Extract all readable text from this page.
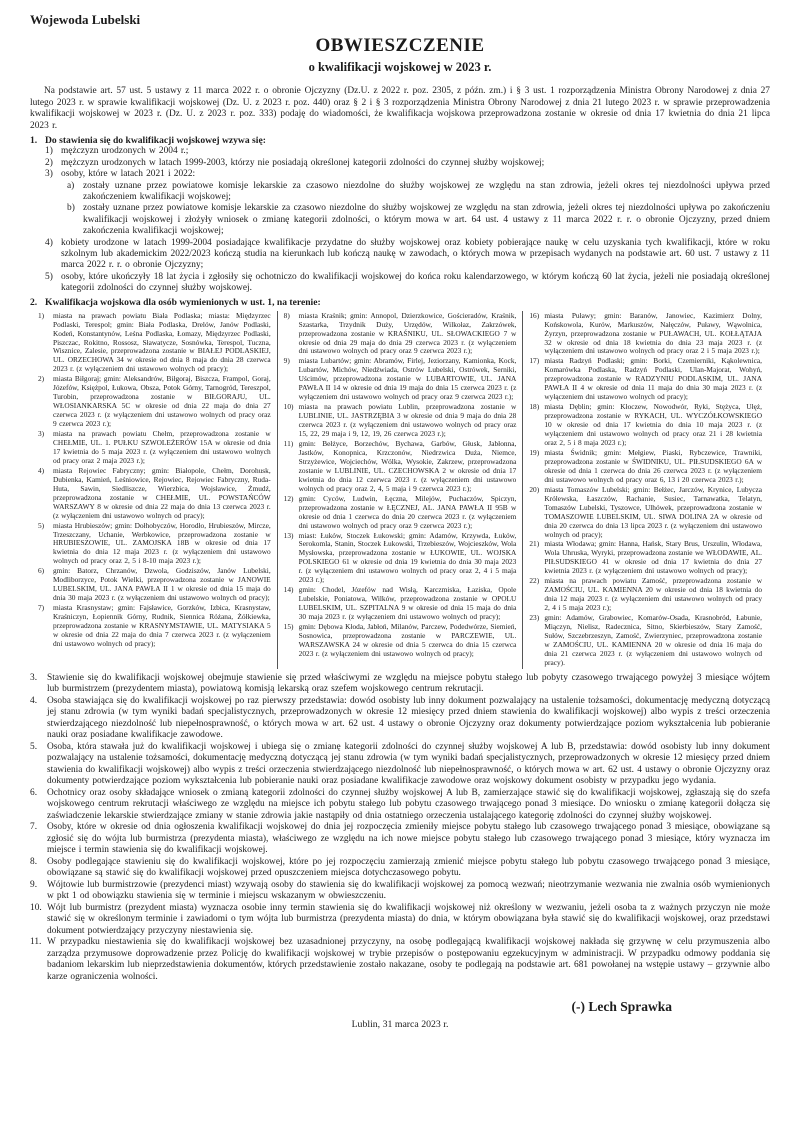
Wojewoda Lubelski
OBWIESZCZENIE
o kwalifikacji wojskowej w 2023 r.

Na podstawie art. 57 ust. 5 ustawy z 11 marca 2022 r. o obronie Ojczyzny (Dz.U. z 2022 r. poz. 2305, z późn. zm.) i § 3 ust. 1 rozporządzenia Ministra Obrony Narodowej z dnia 27 lutego 2023 r. w sprawie kwalifikacji wojskowej (Dz. U. z 2023 r. poz. 440) oraz § 2 i § 3 rozporządzenia Ministra Obrony Narodowej z dnia 21 lutego 2023 r. w sprawie przeprowadzenia kwalifikacji wojskowej w 2023 r. (Dz. U. z 2023 r. poz. 333) podaję do wiadomości, że kwalifikacja wojskowa przeprowadzona zostanie w okresie od dnia 17 kwietnia do dnia 21 lipca 2023 r.

1. Do stawienia się do kwalifikacji wojskowej wzywa się:
1) mężczyzn urodzonych w 2004 r.;
2) mężczyzn urodzonych w latach 1999-2003, którzy nie posiadają określonej kategorii zdolności do czynnej służby wojskowej;
3) osoby, które w latach 2021 i 2022:
a) zostały uznane przez powiatowe komisje lekarskie za czasowo niezdolne do służby wojskowej ze względu na stan zdrowia, jeżeli okres tej niezdolności upływa przed zakończeniem kwalifikacji wojskowej;
b) zostały uznane przez powiatowe komisje lekarskie za czasowo niezdolne do służby wojskowej ze względu na stan zdrowia, jeżeli okres tej niezdolności upływa po zakończeniu kwalifikacji wojskowej i złożyły wniosek o zmianę kategorii zdolności, o którym mowa w art. 64 ust. 4 ustawy z 11 marca 2022 r. r. o obronie Ojczyzny, przed dniem zakończenia kwalifikacji wojskowej;
4) kobiety urodzone w latach 1999-2004 posiadające kwalifikacje przydatne do służby wojskowej oraz kobiety pobierające naukę w celu uzyskania tych kwalifikacji, które w roku szkolnym lub akademickim 2022/2023 kończą studia na kierunkach lub kończą naukę w zawodach, o których mowa w przepisach wydanych na podstawie art. 60 ust. 7 ustawy z 11 marca 2022 r. r. o obronie Ojczyzny;
5) osoby, które ukończyły 18 lat życia i zgłosiły się ochotniczo do kwalifikacji wojskowej do końca roku kalendarzowego, w którym kończą 60 lat życia, jeżeli nie posiadają określonej kategorii zdolności do czynnej służby wojskowej.
2. Kwalifikacja wojskowa dla osób wymienionych w ust. 1, na terenie:
1)	miasta na prawach powiatu Biała Podlaska; miasta: Międzyrzec Podlaski, Terespol; gmin: Biała Podlaska, Drelów, Janów Podlaski, Kodeń, Konstantynów, Leśna Podlaska, Łomazy, Międzyrzec Podlaski, Piszczac, Rokitno, Rossosz, Sławatycze, Sosnówka, Terespol, Tuczna, Wisznice, Zalesie, przeprowadzona zostanie w BIAŁEJ PODLASKIEJ, UL. ORZECHOWA 34 w okresie od dnia 8 maja do dnia 28 czerwca 2023 r. (z wyłączeniem dni ustawowo wolnych od pracy);
2)	miasta Biłgoraj; gmin: Aleksandrów, Biłgoraj, Biszcza, Frampol, Goraj, Józefów, Księżpol, Łukowa, Obsza, Potok Górny, Tarnogród, Tereszpol, Turobin, przeprowadzona zostanie w BIŁGORAJU, UL. WŁOSIANKARSKA 5C w okresie od dnia 22 maja do dnia 27 czerwca 2023 r. (z wyłączeniem dni ustawowo wolnych od pracy oraz 9 czerwca 2023 r.);
3)	miasta na prawach powiatu Chełm, przeprowadzona zostanie w CHEŁMIE, UL. 1. PUŁKU SZWOLEŻERÓW 15A w okresie od dnia 17 kwietnia do 5 maja 2023 r. (z wyłączeniem dni ustawowo wolnych od pracy oraz 2 maja 2023 r.);
4)	miasta Rejowiec Fabryczny; gmin: Białopole, Chełm, Dorohusk, Dubienka, Kamień, Leśniowice, Rejowiec, Rejowiec Fabryczny, Ruda-Huta, Sawin, Siedliszcze, Wierzbica, Wojsławice, Żmudź, przeprowadzona zostanie w CHEŁMIE, UL. POWSTAŃCÓW WARSZAWY 8 w okresie od dnia 22 maja do dnia 13 czerwca 2023 r. (z wyłączeniem dni ustawowo wolnych od pracy);
5)	miasta Hrubieszów; gmin: Dołhobyczów, Horodło, Hrubieszów, Mircze, Trzeszczany, Uchanie, Werbkowice, przeprowadzona zostanie w HRUBIESZOWIE, UL. ZAMOJSKA 18B w okresie od dnia 17 kwietnia do dnia 12 maja 2023 r. (z wyłączeniem dni ustawowo wolnych od pracy oraz 2, 5 i 8-10 maja 2023 r.);
6)	gmin: Batorz, Chrzanów, Dzwola, Godziszów, Janów Lubelski, Modliborzyce, Potok Wielki, przeprowadzona zostanie w JANOWIE LUBELSKIM, UL. JANA PAWŁA II 1 w okresie od dnia 15 maja do dnia 30 maja 2023 r. (z wyłączeniem dni ustawowo wolnych od pracy);
7)	miasta Krasnystaw; gmin: Fajsławice, Gorzków, Izbica, Krasnystaw, Kraśniczyn, Łopiennik Górny, Rudnik, Siennica Różana, Żółkiewka, przeprowadzona zostanie w KRASNYMSTAWIE, UL. MATYSIAKA 5 w okresie od dnia 22 maja do dnia 7 czerwca 2023 r. (z wyłączeniem dni ustawowo wolnych od pracy);
8)	miasta Kraśnik; gmin: Annopol, Dzierzkowice, Gościeradów, Kraśnik, Szastarka, Trzydnik Duży, Urzędów, Wilkołaz, Zakrzówek, przeprowadzona zostanie w KRAŚNIKU, UL. SŁOWACKIEGO 7 w okresie od dnia 29 maja do dnia 29 czerwca 2023 r. (z wyłączeniem dni ustawowo wolnych od pracy oraz 9 czerwca 2023 r.);
9)	miasta Lubartów; gmin: Abramów, Firlej, Jeziorzany, Kamionka, Kock, Lubartów, Michów, Niedźwiada, Ostrów Lubelski, Ostrówek, Serniki, Uścimów, przeprowadzona zostanie w LUBARTOWIE, UL. JANA PAWŁA II 14 w okresie od dnia 19 maja do dnia 15 czerwca 2023 r. (z wyłączeniem dni ustawowo wolnych od pracy oraz 9 czerwca 2023 r.);
10) miasta na prawach powiatu Lublin, przeprowadzona zostanie w LUBLINIE, UL. JASTRZĘBIA 3 w okresie od dnia 9 maja do dnia 28 czerwca 2023 r. (z wyłączeniem dni ustawowo wolnych od pracy oraz 15, 22, 29 maja i 9, 12, 19, 26 czerwca 2023 r.);
11) gmin: Bełżyce, Borzechów, Bychawa, Garbów, Głusk, Jabłonna, Jastków, Konopnica, Krzczonów, Niedrzwica Duża, Niemce, Strzyżewice, Wojciechów, Wólka, Wysokie, Zakrzew, przeprowadzona zostanie w LUBLINIE, UL. CZECHOWSKA 2 w okresie od dnia 17 kwietnia do dnia 12 czerwca 2023 r. (z wyłączeniem dni ustawowo wolnych od pracy oraz 2, 4, 5 maja i 9 czerwca 2023 r.);
12) gmin: Cyców, Ludwin, Łęczna, Milejów, Puchaczów, Spiczyn, przeprowadzona zostanie w ŁĘCZNEJ, AL. JANA PAWŁA II 95B w okresie od dnia 1 czerwca do dnia 20 czerwca 2023 r. (z wyłączeniem dni ustawowo wolnych od pracy oraz 9 czerwca 2023 r.);
13) miast: Łuków, Stoczek Łukowski; gmin: Adamów, Krzywda, Łuków, Serokomla, Stanin, Stoczek Łukowski, Trzebieszów, Wojcieszków, Wola Mysłowska, przeprowadzona zostanie w ŁUKOWIE, UL. WOJSKA POLSKIEGO 61 w okresie od dnia 19 kwietnia do dnia 30 maja 2023 r. (z wyłączeniem dni ustawowo wolnych od pracy oraz 2, 4 i 5 maja 2023 r.);
14) gmin: Chodel, Józefów nad Wisłą, Karczmiska, Łaziska, Opole Lubelskie, Poniatowa, Wilków, przeprowadzona zostanie w OPOLU LUBELSKIM, UL. SZPITALNA 9 w okresie od dnia 15 maja do dnia 30 maja 2023 r. (z wyłączeniem dni ustawowo wolnych od pracy);
15) gmin: Dębowa Kłoda, Jabłoń, Milanów, Parczew, Podedwórze, Siemień, Sosnowica, przeprowadzona zostanie w PARCZEWIE, UL. WARSZAWSKA 24 w okresie od dnia 5 czerwca do dnia 15 czerwca 2023 r. (z wyłączeniem dni ustawowo wolnych od pracy);
16) miasta Puławy; gmin: Baranów, Janowiec, Kazimierz Dolny, Końskowola, Kurów, Markuszów, Nałęczów, Puławy, Wąwolnica, Żyrzyn, przeprowadzona zostanie w PUŁAWACH, UL. KOŁŁĄTAJA 32 w okresie od dnia 18 kwietnia do dnia 23 maja 2023 r. (z wyłączeniem dni ustawowo wolnych od pracy oraz 2 i 5 maja 2023 r.);
17) miasta Radzyń Podlaski; gmin: Borki, Czemierniki, Kąkolewnica, Komarówka Podlaska, Radzyń Podlaski, Ulan-Majorat, Wohyń, przeprowadzona zostanie w RADZYNIU PODLASKIM, UL. JANA PAWŁA II 4 w okresie od dnia 11 maja do dnia 30 maja 2023 r. (z wyłączeniem dni ustawowo wolnych od pracy);
18) miasta Dęblin; gmin: Kłoczew, Nowodwór, Ryki, Stężyca, Ułęż, przeprowadzona zostanie w RYKACH, UL. WYCZÓŁKOWSKIEGO 10 w okresie od dnia 17 kwietnia do dnia 10 maja 2023 r. (z wyłączeniem dni ustawowo wolnych od pracy oraz 21 i 28 kwietnia oraz 2, 5 i 8 maja 2023 r.);
19) miasta Świdnik; gmin: Mełgiew, Piaski, Rybczewice, Trawniki, przeprowadzona zostanie w ŚWIDNIKU, UL. PIŁSUDSKIEGO 6A w okresie od dnia 1 czerwca do dnia 26 czerwca 2023 r. (z wyłączeniem dni ustawowo wolnych od pracy oraz 6, 13 i 20 czerwca 2023 r.);
20) miasta Tomaszów Lubelski; gmin: Bełżec, Jarczów, Krynice, Lubycza Królewska, Łaszczów, Rachanie, Susiec, Tarnawatka, Telatyn, Tomaszów Lubelski, Tyszowce, Ulhówek, przeprowadzona zostanie w TOMASZOWIE LUBELSKIM, UL. SIWA DOLINA 2A w okresie od dnia 20 czerwca do dnia 13 lipca 2023 r. (z wyłączeniem dni ustawowo wolnych od pracy);
21) miasta Włodawa; gmin: Hanna, Hańsk, Stary Brus, Urszulin, Włodawa, Wola Uhruska, Wyryki, przeprowadzona zostanie we WŁODAWIE, AL. PIŁSUDSKIEGO 41 w okresie od dnia 17 kwietnia do dnia 27 kwietnia 2023 r. (z wyłączeniem dni ustawowo wolnych od pracy);
22) miasta na prawach powiatu Zamość, przeprowadzona zostanie w ZAMOŚCIU, UL. KAMIENNA 20 w okresie od dnia 18 kwietnia do dnia 12 maja 2023 r. (z wyłączeniem dni ustawowo wolnych od pracy 2, 4 i 5 maja 2023 r.);
23) gmin: Adamów, Grabowiec, Komarów-Osada, Krasnobród, Łabunie, Miączyn, Nielisz, Radecznica, Sitno, Skierbieszów, Stary Zamość, Sułów, Szczebrzeszyn, Zamość, Zwierzyniec, przeprowadzona zostanie w ZAMOŚCIU, UL. KAMIENNA 20 w okresie od dnia 16 maja do dnia 21 czerwca 2023 r. (z wyłączeniem dni ustawowo wolnych od pracy).
3.	Stawienie się do kwalifikacji wojskowej obejmuje stawienie się przed właściwymi ze względu na miejsce pobytu stałego lub pobyty czasowego trwającego powyżej 3 miesiące wójtem lub burmistrzem (prezydentem miasta), powiatową komisją lekarską oraz szefem wojskowego centrum rekrutacji.
4.	Osoba stawiająca się do kwalifikacji wojskowej po raz pierwszy przedstawia: dowód osobisty lub inny dokument pozwalający na ustalenie tożsamości, dokumentację medyczną dotyczącą jej stanu zdrowia (w tym wyniki badań specjalistycznych, przeprowadzonych w okresie 12 miesięcy przed dniem stawienia do kwalifikacji wojskowej) albo wypis z treści orzeczenia stwierdzającego niezdolność lub niepełnosprawność, o których mowa w art. 62 ust. 4 ustawy o obronie Ojczyzny oraz dokumenty potwierdzające poziom wykształcenia lub pobieranie nauki oraz posiadane kwalifikacje zawodowe.
5.	Osoba, która stawała już do kwalifikacji wojskowej i ubiega się o zmianę kategorii zdolności do czynnej służby wojskowej A lub B, przedstawia: dowód osobisty lub inny dokument pozwalający na ustalenie tożsamości, dokumentację medyczną dotyczącą jej stanu zdrowia (w tym wyniki badań specjalistycznych, przeprowadzonych w okresie 12 miesięcy przed dniem stawienia do kwalifikacji wojskowej) albo wypis z treści orzeczenia stwierdzającego niezdolność lub niepełnosprawność, o których mowa w art. 62 ust. 4 ustawy o obronie Ojczyzny oraz dokumenty potwierdzające poziom wykształcenia lub pobieranie nauki oraz posiadane kwalifikacje zawodowe oraz wojskowy dokument osobisty w przypadku jego wydania.
6.	Ochotnicy oraz osoby składające wniosek o zmianą kategorii zdolności do czynnej służby wojskowej A lub B, zamierzające stawić się do kwalifikacji wojskowej, zgłaszają się do szefa wojskowego centrum rekrutacji właściwego ze względu na miejsce ich pobytu stałego lub pobytu czasowego trwającego ponad 3 miesiące. Do wniosku o zmianę kategorii dołącza się zaświadczenie lekarskie stwierdzające zmiany w stanie zdrowia jakie nastąpiły od dnia ostatniego orzeczenia ustalającego kategorię zdolności do czynnej służby wojskowej.
7.	Osoby, które w okresie od dnia ogłoszenia kwalifikacji wojskowej do dnia jej rozpoczęcia zmieniły miejsce pobytu stałego lub czasowego trwającego ponad 3 miesiące, obowiązane są zgłosić się do wójta lub burmistrza (prezydenta miasta), właściwego ze względu na ich nowe miejsce pobytu stałego lub czasowego trwającego ponad 3 miesiące, który wyznacza im miejsce i termin stawienia się do kwalifikacji wojskowej.
8.	Osoby podlegające stawieniu się do kwalifikacji wojskowej, które po jej rozpoczęciu zamierzają zmienić miejsce pobytu stałego lub pobytu czasowego trwającego ponad 3 miesiące, obowiązane są stawić się do kwalifikacji wojskowej przed opuszczeniem miejsca dotychczasowego pobytu.
9.	Wójtowie lub burmistrzowie (prezydenci miast) wzywają osoby do stawienia się do kwalifikacji wojskowej za pomocą wezwań; nieotrzymanie wezwania nie zwalnia osób wymienionych w pkt 1 od obowiązku stawienia się w terminie i miejscu wskazanym w obwieszczeniu.
10. Wójt lub burmistrz (prezydent miasta) wyznacza osobie inny termin stawienia się do kwalifikacji wojskowej niż określony w wezwaniu, jeżeli osoba ta z ważnych przyczyn nie może stawić się w określonym terminie i zawiadomi o tym wójta lub burmistrza (prezydenta miasta) do dnia, w którym obowiązana była stawić się do kwalifikacji wojskowej, oraz przedstawi dokument potwierdzający przyczyny niestawienia się.
11. W przypadku niestawienia się do kwalifikacji wojskowej bez uzasadnionej przyczyny, na osobę podlegającą kwalifikacji wojskowej nakłada się grzywnę w celu przymuszenia albo zarządza przymusowe doprowadzenie przez Policję do kwalifikacji wojskowej w trybie przepisów o postępowaniu egzekucyjnym w administracji. W przypadku odmowy poddania się badaniom lekarskim lub nieprzedstawienia dokumentów, których przedstawienie zostało nakazane, osoby te podlegają na podstawie art. 681 powołanej na wstępie ustawy – grzywnie albo karze ograniczenia wolności.
(-) Lech Sprawka
Lublin, 31 marca 2023 r.
